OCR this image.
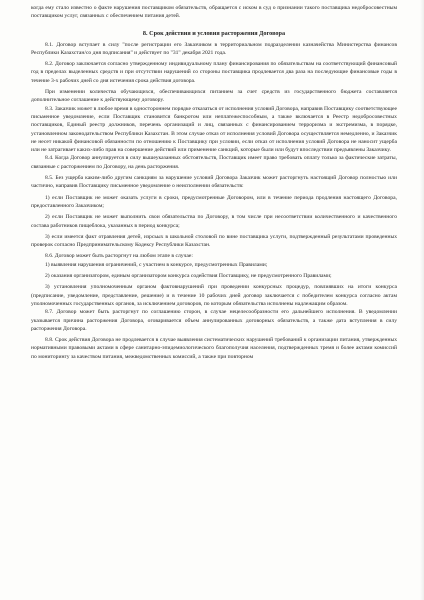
когда ему стало известно о факте нарушения поставщиком обязательств, обращается с иском в суд о признании такого поставщика недобросовестным поставщиком услуг, связанных с обеспечением питания детей.

8. Срок действия и условия расторжения Договора

8.1. Договор вступает в силу "после регистрации его Заказчиком в территориальном подразделении казначейства Министерства финансов Республики Казахстан/со дня подписания" и действует по "31" декабря 2021 года.

8.2. Договор заключается согласно утвержденному индивидуальному плану финансирования по обязательствам на соответствующий финансовый год в пределах выделенных средств и при отсутствии нарушений со стороны поставщика продлевается два раза на последующие финансовые годы в течение 3-х рабочих дней со дня истечения срока действия договора.

При изменении количества обучающихся, обеспечивающихся питанием за счет средств из государственного бюджета составляется дополнительное соглашение к действующему договору.

8.3. Заказчик может в любое время в одностороннем порядке отказаться от исполнения условий Договора, направив Поставщику соответствующее письменное уведомление, если Поставщик становится банкротом или неплатежеспособным, а также включается в Реестр недобросовестных поставщиков, Единый реестр должников, перечень организаций и лиц, связанных с финансированием терроризма и экстремизма, в порядке, установленном законодательством Республики Казахстан. В этом случае отказ от исполнения условий Договора осуществляется немедленно, и Заказчик не несет никакой финансовой обязанности по отношению к Поставщику при условии, если отказ от исполнения условий Договора не наносит ущерба или не затрагивает каких-либо прав на совершение действий или применение санкций, которые были или будут впоследствии предъявлены Заказчику.

8.4. Когда Договор аннулируется в силу вышеуказанных обстоятельств, Поставщик имеет право требовать оплату только за фактические затраты, связанные с расторжением по Договору, на день расторжения.

8.5. Без ущерба каким-либо другим санкциям за нарушение условий Договора Заказчик может расторгнуть настоящий Договор полностью или частично, направив Поставщику письменное уведомление о неисполнении обязательств:

1) если Поставщик не может оказать услуги в сроки, предусмотренные Договором, или в течение периода продления настоящего Договора, предоставленного Заказчиком;

2) если Поставщик не может выполнить свои обязательства по Договору, в том числе при несоответствии количественного и качественного состава работников пищеблока, указанных в период конкурса;

3) если имеется факт отравления детей, изрсьых в школьной столовой по вине поставщика услуги, подтвержденный результатами проведенных проверок согласно Предпринимательскому Кодексу Республики Казахстан.

8.6. Договор может быть расторгнут на любом этапе в случае:

1) выявления нарушения ограничений, с участием в конкурсе, предусмотренных Правилами;

2) оказания организатором, единым организатором конкурса содействия Поставщику, не предусмотренного Правилами;

3) установления уполномоченным органом фактовнарушений при проведении конкурсных процедур, повлиявших на итоги конкурса (предписание, уведомление, представление, решение) и в течение 10 рабочих дней договор заключается с победителем конкурса согласно актам уполномоченных государственных органов, за исключением договоров, по которым обязательства исполнены надлежащим образом.

8.7. Договор может быть расторгнут по соглашению сторон, в случае нецелесообразности его дальнейшего исполнения. В уведомлении указывается причина расторжения Договора, оговаривается объем аннулированных договорных обязательств, а также дата вступления в силу расторжения Договора.

8.8. Срок действия Договора не продлевается в случае выявления систематических нарушений требований к организации питания, утвержденных нормативными правовыми актами в сфере санитарно-эпидемиологического благополучия населения, подтвержденных тремя и более актами комиссий по мониторингу за качеством питания, межведомственных комиссий, а также при повторном
